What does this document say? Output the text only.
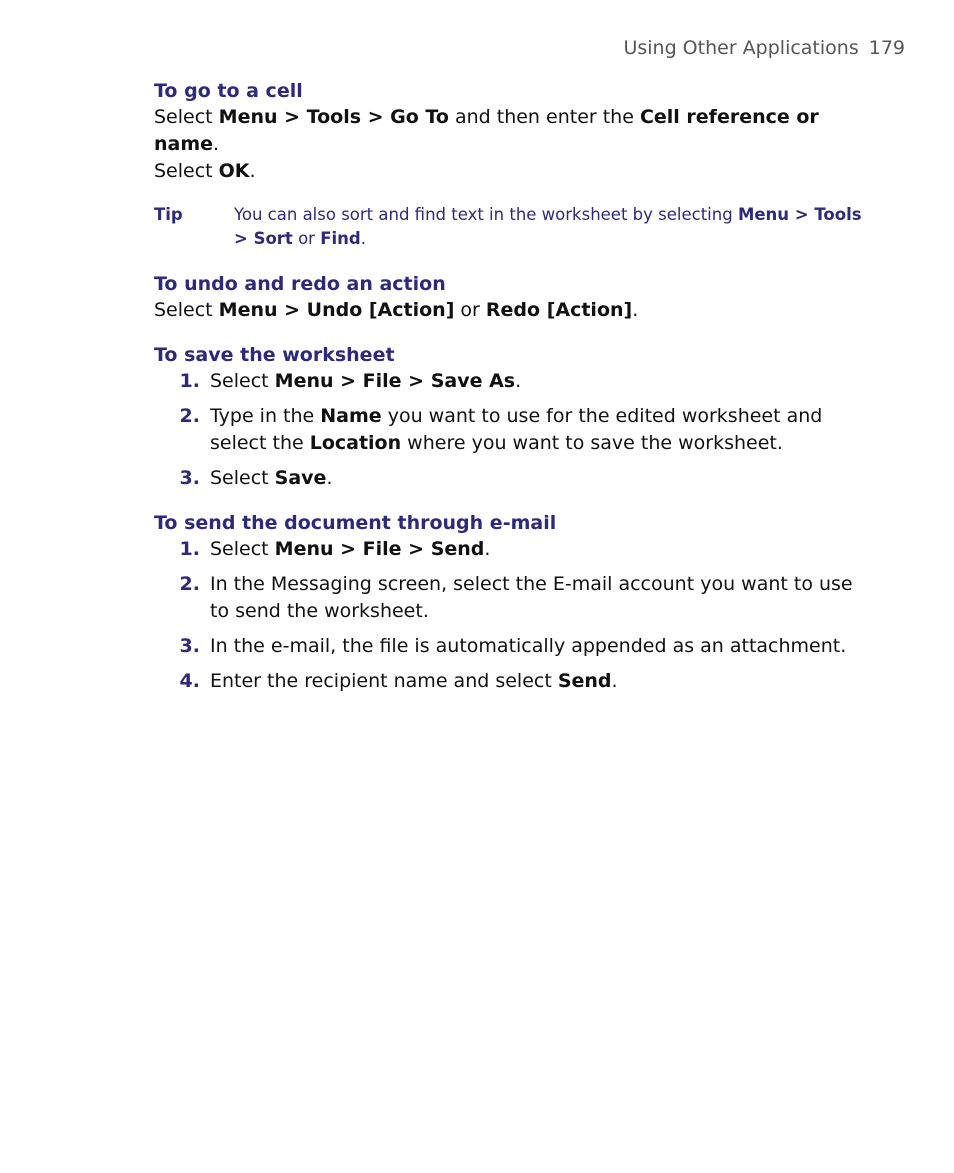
Using Other Applications 179
To go to a cell

Select Menu > Tools > Go To and then enter the Cell reference or name.

Select OK.

Tip	You can also sort and find text in the worksheet by selecting Menu > Tools > Sort or Find.
To undo and redo an action

Select Menu > Undo [Action] or Redo [Action].

To save the worksheet
1. Select Menu > File > Save As.
2. Type in the Name you want to use for the edited worksheet and select the Location where you want to save the worksheet.
3. Select Save.
To send the document through e-mail
1. Select Menu > File > Send.
2. In the Messaging screen, select the E-mail account you want to use to send the worksheet.
3. In the e-mail, the file is automatically appended as an attachment.
4. Enter the recipient name and select Send.
